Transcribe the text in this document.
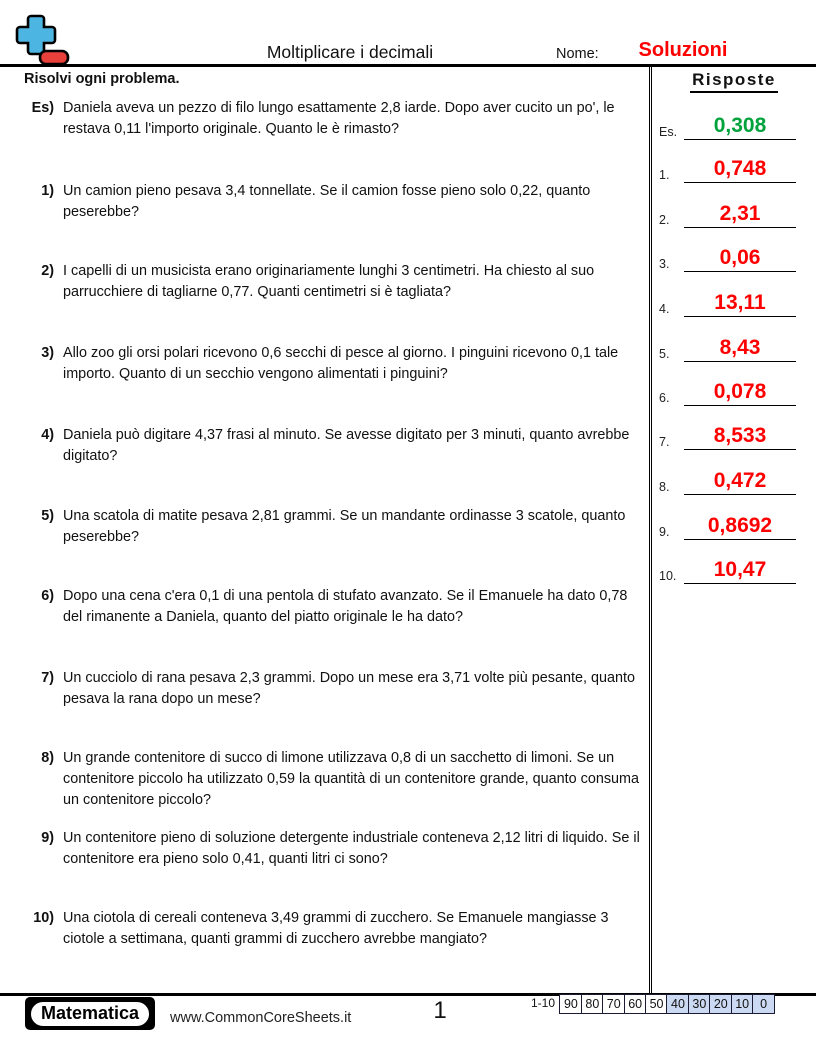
Moltiplicare i decimali	Nome:	Soluzioni
Risolvi ogni problema.	Risposte
Es.	0,308
1.	0,748
2.	2,31
3.	0,06
4.	13,11
5.	8,43
6.	0,078
7.	8,533
8.	0,472
9.	0,8692
10.	10,47
Es) Daniela aveva un pezzo di filo lungo esattamente 2,8 iarde. Dopo aver cucito un po', le restava 0,11 l'importo originale. Quanto le è rimasto?
1) Un camion pieno pesava 3,4 tonnellate. Se il camion fosse pieno solo 0,22, quanto peserebbe?
2) I capelli di un musicista erano originariamente lunghi 3 centimetri. Ha chiesto al suo parrucchiere di tagliarne 0,77. Quanti centimetri si è tagliata?
3) Allo zoo gli orsi polari ricevono 0,6 secchi di pesce al giorno. I pinguini ricevono 0,1 tale importo. Quanto di un secchio vengono alimentati i pinguini?
4) Daniela può digitare 4,37 frasi al minuto. Se avesse digitato per 3 minuti, quanto avrebbe digitato?
5) Una scatola di matite pesava 2,81 grammi. Se un mandante ordinasse 3 scatole, quanto peserebbe?
6) Dopo una cena c'era 0,1 di una pentola di stufato avanzato. Se il Emanuele ha dato 0,78 del rimanente a Daniela, quanto del piatto originale le ha dato?
7) Un cucciolo di rana pesava 2,3 grammi. Dopo un mese era 3,71 volte più pesante, quanto pesava la rana dopo un mese?
8) Un grande contenitore di succo di limone utilizzava 0,8 di un sacchetto di limoni. Se un contenitore piccolo ha utilizzato 0,59 la quantità di un contenitore grande, quanto consuma un contenitore piccolo?
9) Un contenitore pieno di soluzione detergente industriale conteneva 2,12 litri di liquido. Se il contenitore era pieno solo 0,41, quanti litri ci sono?
10) Una ciotola di cereali conteneva 3,49 grammi di zucchero. Se Emanuele mangiasse 3 ciotole a settimana, quanti grammi di zucchero avrebbe mangiato?
Matematica	www.CommonCoreSheets.it	1	1-10 90 80 70 60 50 40 30 20 10 0
